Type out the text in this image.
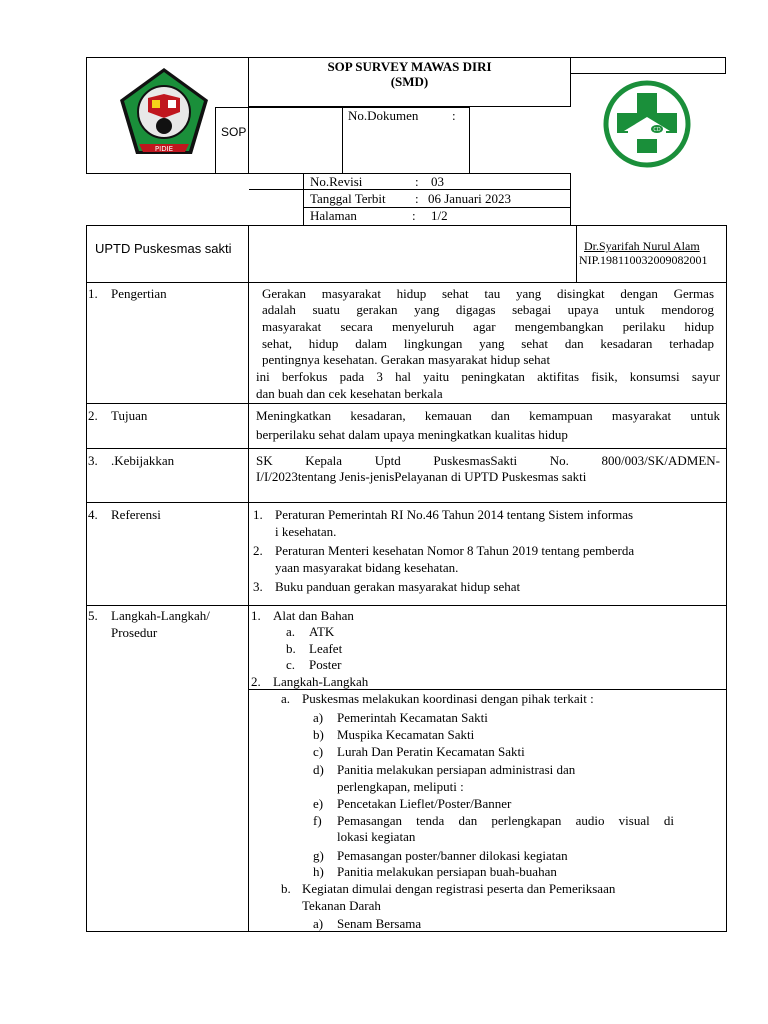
PIDIE
CD
SOP SURVEY MAWAS DIRI
(SMD)
SOP
No.Dokumen	:
No.Revisi	: 03
Tanggal Terbit : 06 Januari 2023
Halaman	: 1/2
UPTD Puskesmas sakti	Dr.Syarifah Nurul Alam
NIP.198110032009082001
1. Pengertian	Gerakan masyarakat hidup sehat tau yang disingkat dengan Germas
adalah suatu gerakan yang digagas sebagai upaya untuk mendorog
masyarakat secara menyeluruh agar mengembangkan perilaku hidup
sehat, hidup dalam lingkungan yang sehat dan kesadaran terhadap
pentingnya kesehatan. Gerakan masyarakat hidup sehat
ini berfokus pada 3 hal yaitu peningkatan aktifitas fisik, konsumsi sayur
dan buah dan cek kesehatan berkala
2. Tujuan	Meningkatkan kesadaran, kemauan dan kemampuan masyarakat untuk
berperilaku sehat dalam upaya meningkatkan kualitas hidup
3. .Kebijakkan	SK Kepala Uptd PuskesmasSakti No. 800/003/SK/ADMEN-
I/I/2023tentang Jenis-jenisPelayanan di UPTD Puskesmas sakti
4. Referensi	1. Peraturan Pemerintah RI No.46 Tahun 2014 tentang Sistem informas
i kesehatan.
2. Peraturan Menteri kesehatan Nomor 8 Tahun 2019 tentang pemberda
yaan masyarakat bidang kesehatan.
3. Buku panduan gerakan masyarakat hidup sehat
5. Langkah-Langkah/
Prosedur
1. Alat dan Bahan
a. ATK
b. Leafet
c. Poster
2. Langkah-Langkah
a. Puskesmas melakukan koordinasi dengan pihak terkait :
a) Pemerintah Kecamatan Sakti
b) Muspika Kecamatan Sakti
c) Lurah Dan Peratin Kecamatan Sakti
d) Panitia melakukan persiapan administrasi dan
perlengkapan, meliputi :
e) Pencetakan Lieflet/Poster/Banner
f) Pemasangan tenda dan perlengkapan audio visual di
lokasi kegiatan
g) Pemasangan poster/banner dilokasi kegiatan
h) Panitia melakukan persiapan buah-buahan
b. Kegiatan dimulai dengan registrasi peserta dan Pemeriksaan
Tekanan Darah
a) Senam Bersama
